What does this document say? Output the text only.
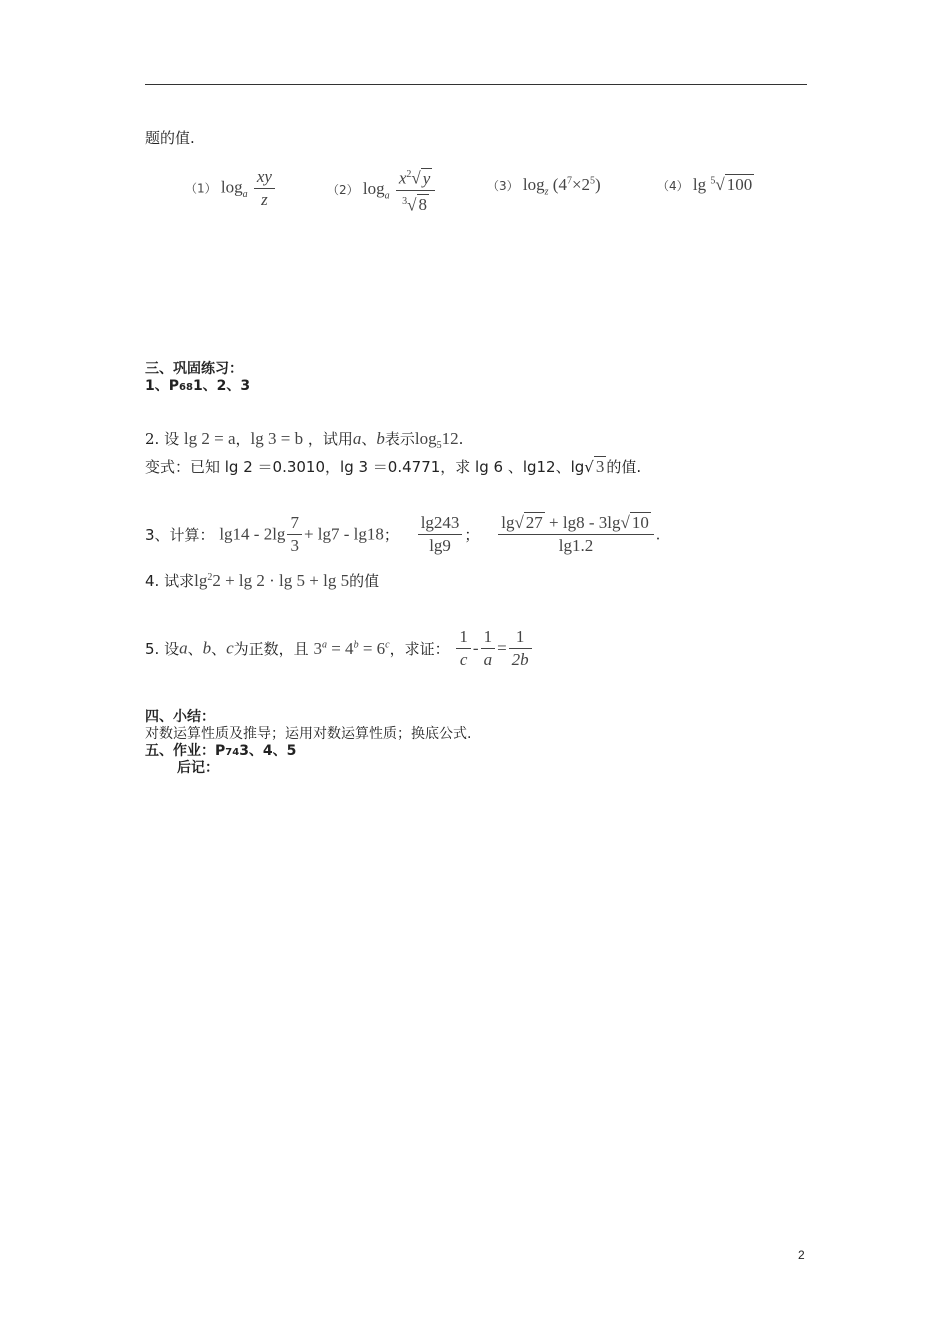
题的值.
（1） $\log_a \frac{xy}{z}$	（2） $\log_a \frac{x^2√ y}{^3√ 8}$	（3） $\log_z (4^7\times 2^5)$	（4） lg $^5$√ 100
三、巩固练习：
1、P681、2、3
2. 设 lg 2 = a，lg 3 = b ，试用a、b表示$\log_512$.
变式：已知 lg 2 ＝0.3010，lg 3 ＝0.4771，求 lg 6 、lg12、lg√ 3 的值.
3、计算： $\lg 14 - 2\lg \frac{7}{3} + \lg 7 - \lg 18$； $\frac{\lg 243}{\lg 9}$ ； $\frac{\lg√ 27 + \lg 8 - 3\lg√ 10}{\lg 1.2}$ .
4. 试求$\lg^22 + \lg 2 \cdot \lg 5 + \lg 5$的值
5. 设a、b、c为正数，且 $3^a = 4^b = 6^c$，求证： $\frac{1}{c} - \frac{1}{a} = \frac{1}{2b}$
四、小结：
对数运算性质及推导；运用对数运算性质；换底公式.
五、作业：P743、4、5
后记：
2
